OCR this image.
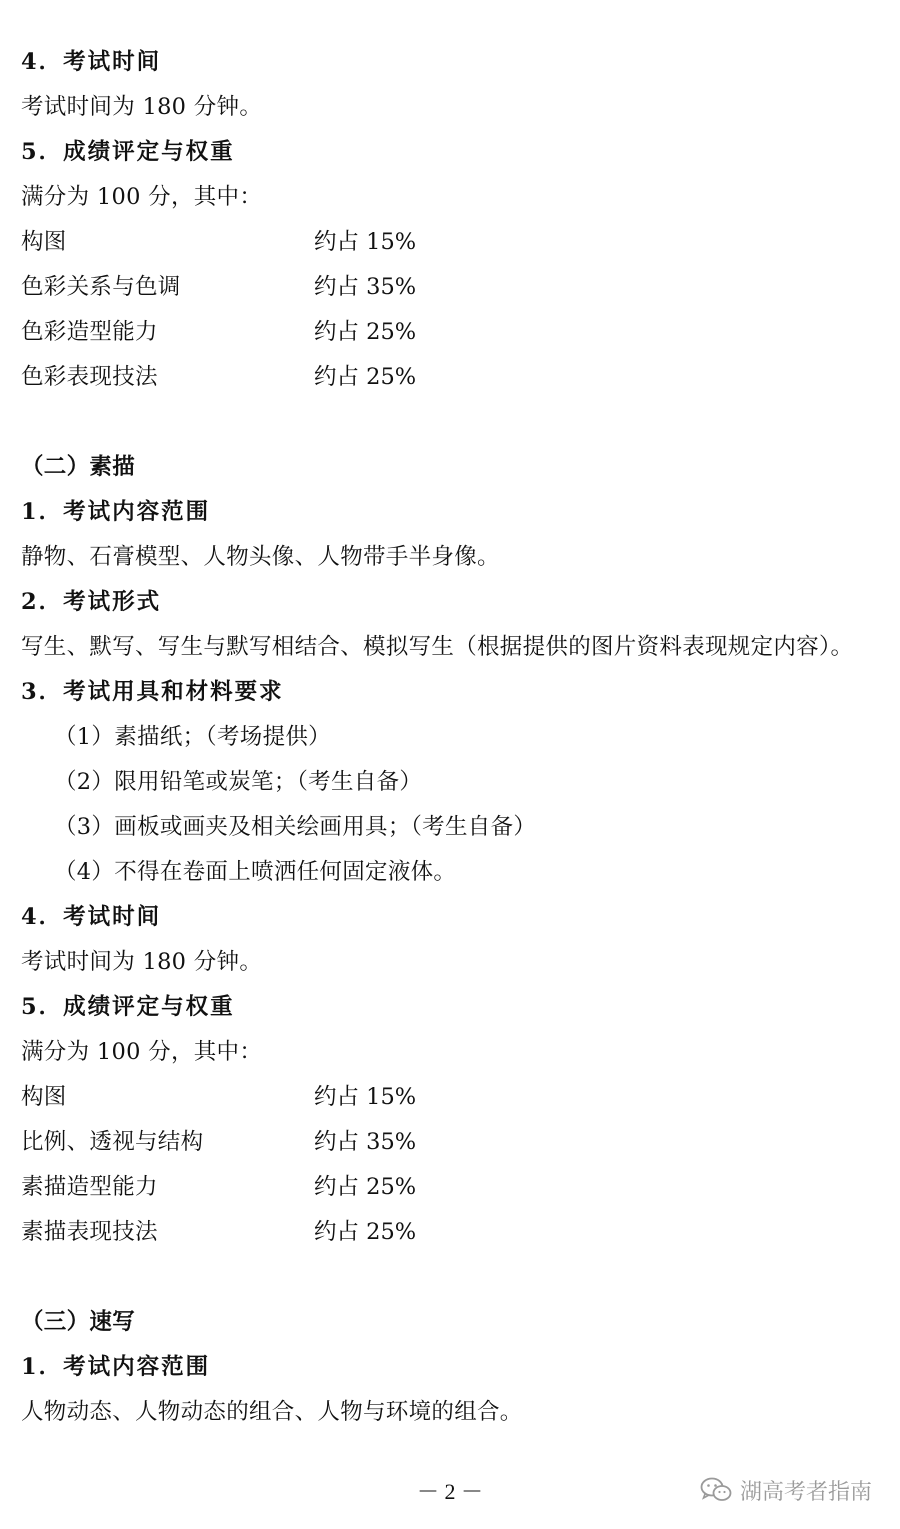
4．考试时间
考试时间为 180 分钟。
5．成绩评定与权重
满分为 100 分，其中：
构图	约占 15%
色彩关系与色调	约占 35%
色彩造型能力	约占 25%
色彩表现技法	约占 25%
（二）素描
1．考试内容范围
静物、石膏模型、人物头像、人物带手半身像。
2．考试形式
写生、默写、写生与默写相结合、模拟写生（根据提供的图片资料表现规定内容）。
3．考试用具和材料要求
（1）素描纸；（考场提供）
（2）限用铅笔或炭笔；（考生自备）
（3）画板或画夹及相关绘画用具；（考生自备）
（4）不得在卷面上喷洒任何固定液体。
4．考试时间
考试时间为 180 分钟。
5．成绩评定与权重
满分为 100 分，其中：
构图	约占 15%
比例、透视与结构	约占 35%
素描造型能力	约占 25%
素描表现技法	约占 25%
（三）速写
1．考试内容范围
人物动态、人物动态的组合、人物与环境的组合。
－ 2 －	湖高考者指南
